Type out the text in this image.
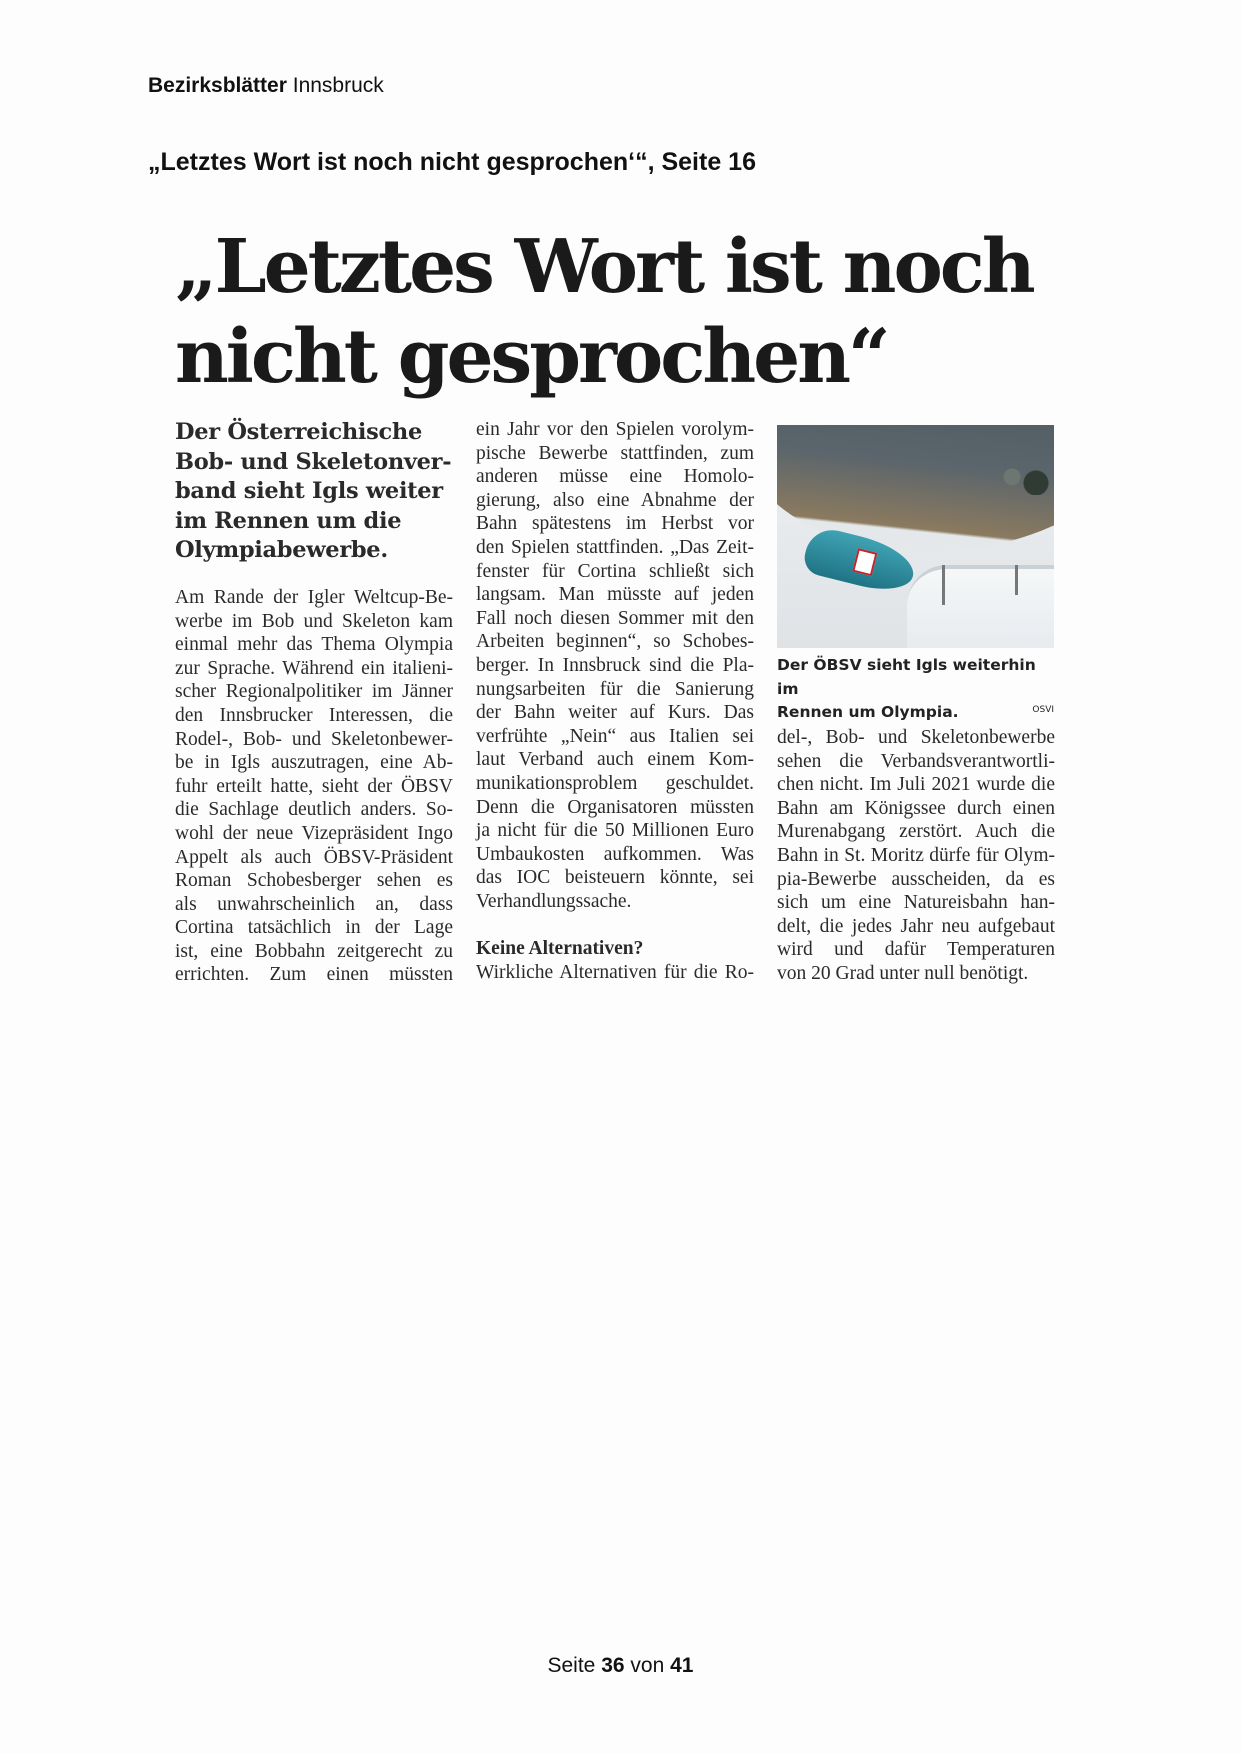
Bezirksblätter Innsbruck
„Letztes Wort ist noch nicht gesprochen‘“, Seite 16
„Letztes Wort ist noch
nicht gesprochen“
Der Österreichische
Bob- und Skeletonver-
band sieht Igls weiter
im Rennen um die
Olympiabewerbe.
Am Rande der Igler Weltcup-Be-
werbe im Bob und Skeleton kam
einmal mehr das Thema Olympia
zur Sprache. Während ein italieni-
scher Regionalpolitiker im Jänner
den Innsbrucker Interessen, die
Rodel-, Bob- und Skeletonbewer-
be in Igls auszutragen, eine Ab-
fuhr erteilt hatte, sieht der ÖBSV
die Sachlage deutlich anders. So-
wohl der neue Vizepräsident Ingo
Appelt als auch ÖBSV-Präsident
Roman Schobesberger sehen es
als unwahrscheinlich an, dass
Cortina tatsächlich in der Lage
ist, eine Bobbahn zeitgerecht zu
errichten. Zum einen müssten
ein Jahr vor den Spielen vorolym-
pische Bewerbe stattfinden, zum
anderen müsse eine Homolo-
gierung, also eine Abnahme der
Bahn spätestens im Herbst vor
den Spielen stattfinden. „Das Zeit-
fenster für Cortina schließt sich
langsam. Man müsste auf jeden
Fall noch diesen Sommer mit den
Arbeiten beginnen“, so Schobes-
berger. In Innsbruck sind die Pla-
nungsarbeiten für die Sanierung
der Bahn weiter auf Kurs. Das
verfrühte „Nein“ aus Italien sei
laut Verband auch einem Kom-
munikationsproblem geschuldet.
Denn die Organisatoren müssten
ja nicht für die 50 Millionen Euro
Umbaukosten aufkommen. Was
das IOC beisteuern könnte, sei
Verhandlungssache.
Keine Alternativen?
Wirkliche Alternativen für die Ro-
Der ÖBSV sieht Igls weiterhin im
Rennen um Olympia.	OSVI
del-, Bob- und Skeletonbewerbe
sehen die Verbandsverantwortli-
chen nicht. Im Juli 2021 wurde die
Bahn am Königssee durch einen
Murenabgang zerstört. Auch die
Bahn in St. Moritz dürfe für Olym-
pia-Bewerbe ausscheiden, da es
sich um eine Natureisbahn han-
delt, die jedes Jahr neu aufgebaut
wird und dafür Temperaturen
von 20 Grad unter null benötigt.
Seite 36 von 41
